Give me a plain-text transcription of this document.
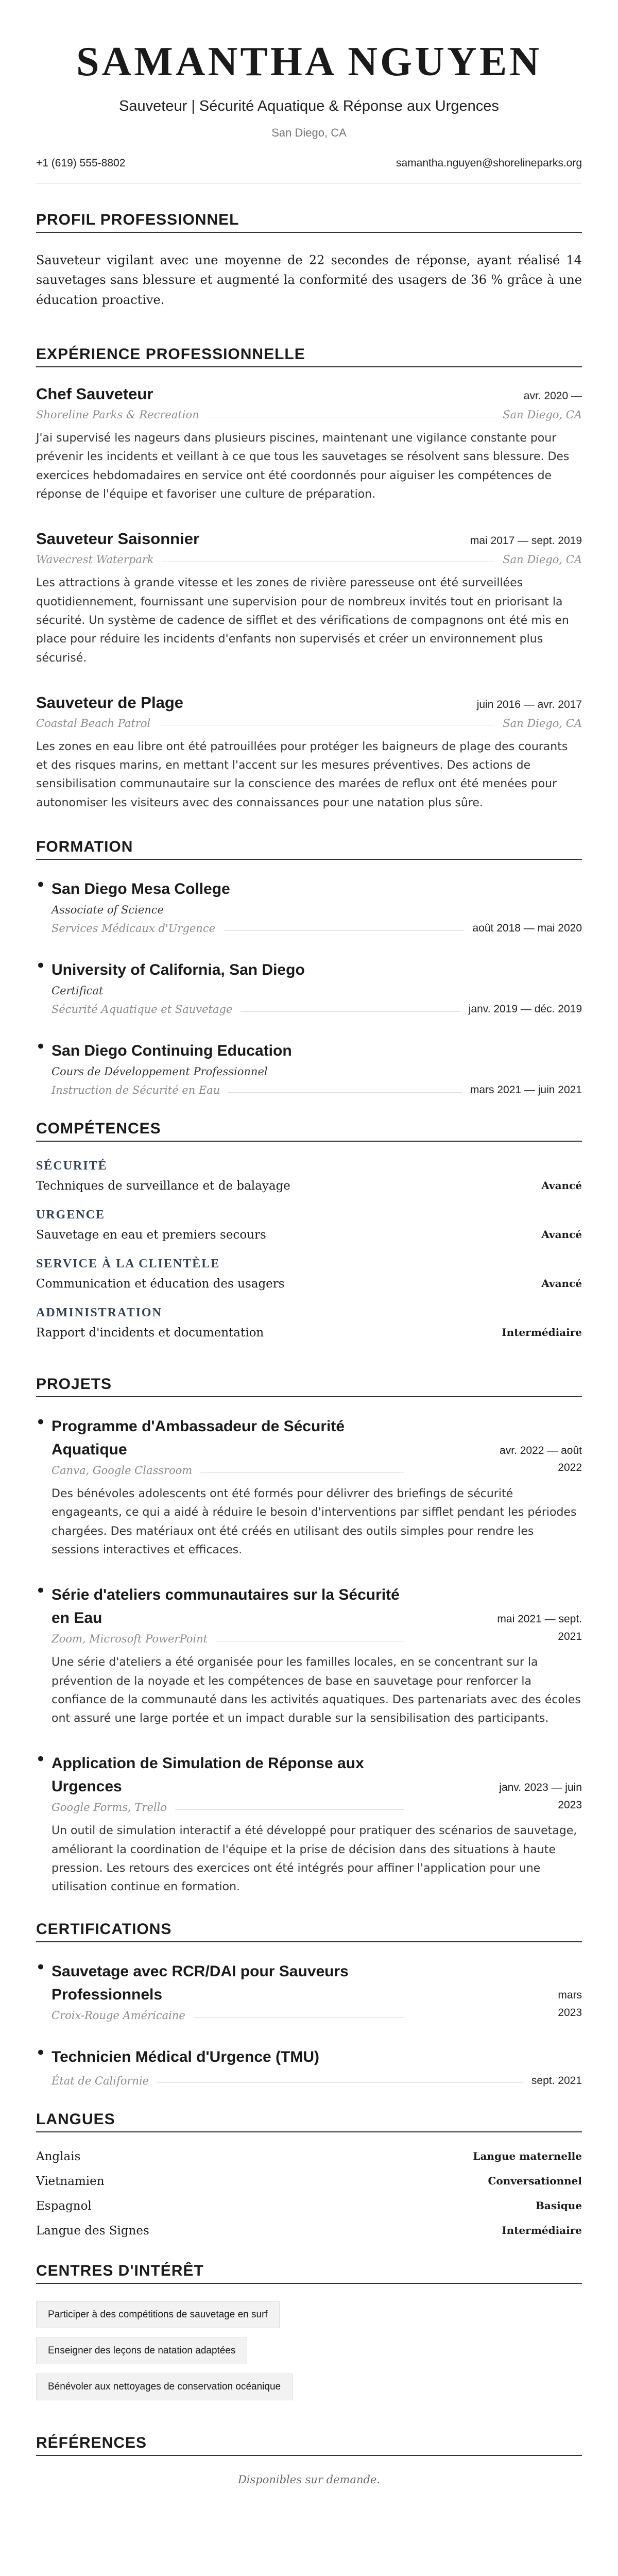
SAMANTHA NGUYEN
Sauveteur | Sécurité Aquatique & Réponse aux Urgences
San Diego, CA
+1 (619) 555-8802	samantha.nguyen@shorelineparks.org
PROFIL PROFESSIONNEL
Sauveteur vigilant avec une moyenne de 22 secondes de réponse, ayant réalisé 14 sauvetages sans blessure et augmenté la conformité des usagers de 36 % grâce à une éducation proactive.
EXPÉRIENCE PROFESSIONNELLE
Chef Sauveteur	avr. 2020 —
Shoreline Parks & Recreation	San Diego, CA
J'ai supervisé les nageurs dans plusieurs piscines, maintenant une vigilance constante pour prévenir les incidents et veillant à ce que tous les sauvetages se résolvent sans blessure. Des exercices hebdomadaires en service ont été coordonnés pour aiguiser les compétences de réponse de l'équipe et favoriser une culture de préparation.
Sauveteur Saisonnier	mai 2017 — sept. 2019
Wavecrest Waterpark	San Diego, CA
Les attractions à grande vitesse et les zones de rivière paresseuse ont été surveillées quotidiennement, fournissant une supervision pour de nombreux invités tout en priorisant la sécurité. Un système de cadence de sifflet et des vérifications de compagnons ont été mis en place pour réduire les incidents d'enfants non supervisés et créer un environnement plus sécurisé.
Sauveteur de Plage	juin 2016 — avr. 2017
Coastal Beach Patrol	San Diego, CA
Les zones en eau libre ont été patrouillées pour protéger les baigneurs de plage des courants et des risques marins, en mettant l'accent sur les mesures préventives. Des actions de sensibilisation communautaire sur la conscience des marées de reflux ont été menées pour autonomiser les visiteurs avec des connaissances pour une natation plus sûre.
FORMATION
• San Diego Mesa College
Associate of Science
Services Médicaux d'Urgence	août 2018 — mai 2020
• University of California, San Diego
Certificat
Sécurité Aquatique et Sauvetage	janv. 2019 — déc. 2019
• San Diego Continuing Education
Cours de Développement Professionnel
Instruction de Sécurité en Eau	mars 2021 — juin 2021
COMPÉTENCES
SÉCURITÉ
Techniques de surveillance et de balayage	Avancé
URGENCE
Sauvetage en eau et premiers secours	Avancé
SERVICE À LA CLIENTÈLE
Communication et éducation des usagers	Avancé
ADMINISTRATION
Rapport d'incidents et documentation	Intermédiaire
PROJETS
• Programme d'Ambassadeur de Sécurité Aquatique
Canva, Google Classroom
avr. 2022 — août
2022
Des bénévoles adolescents ont été formés pour délivrer des briefings de sécurité engageants, ce qui a aidé à réduire le besoin d'interventions par sifflet pendant les périodes chargées. Des matériaux ont été créés en utilisant des outils simples pour rendre les sessions interactives et efficaces.
• Série d'ateliers communautaires sur la Sécurité en Eau
Zoom, Microsoft PowerPoint
mai 2021 — sept.
2021
Une série d'ateliers a été organisée pour les familles locales, en se concentrant sur la prévention de la noyade et les compétences de base en sauvetage pour renforcer la confiance de la communauté dans les activités aquatiques. Des partenariats avec des écoles ont assuré une large portée et un impact durable sur la sensibilisation des participants.
• Application de Simulation de Réponse aux Urgences
Google Forms, Trello
janv. 2023 — juin
2023
Un outil de simulation interactif a été développé pour pratiquer des scénarios de sauvetage, améliorant la coordination de l'équipe et la prise de décision dans des situations à haute pression. Les retours des exercices ont été intégrés pour affiner l'application pour une utilisation continue en formation.
CERTIFICATIONS
• Sauvetage avec RCR/DAI pour Sauveurs Professionnels
Croix-Rouge Américaine
mars
2023
• Technicien Médical d'Urgence (TMU)
État de Californie	sept. 2021
LANGUES
Anglais	Langue maternelle
Vietnamien	Conversationnel
Espagnol	Basique
Langue des Signes	Intermédiaire
CENTRES D'INTÉRÊT
Participer à des compétitions de sauvetage en surf
Enseigner des leçons de natation adaptées
Bénévoler aux nettoyages de conservation océanique
RÉFÉRENCES
Disponibles sur demande.
